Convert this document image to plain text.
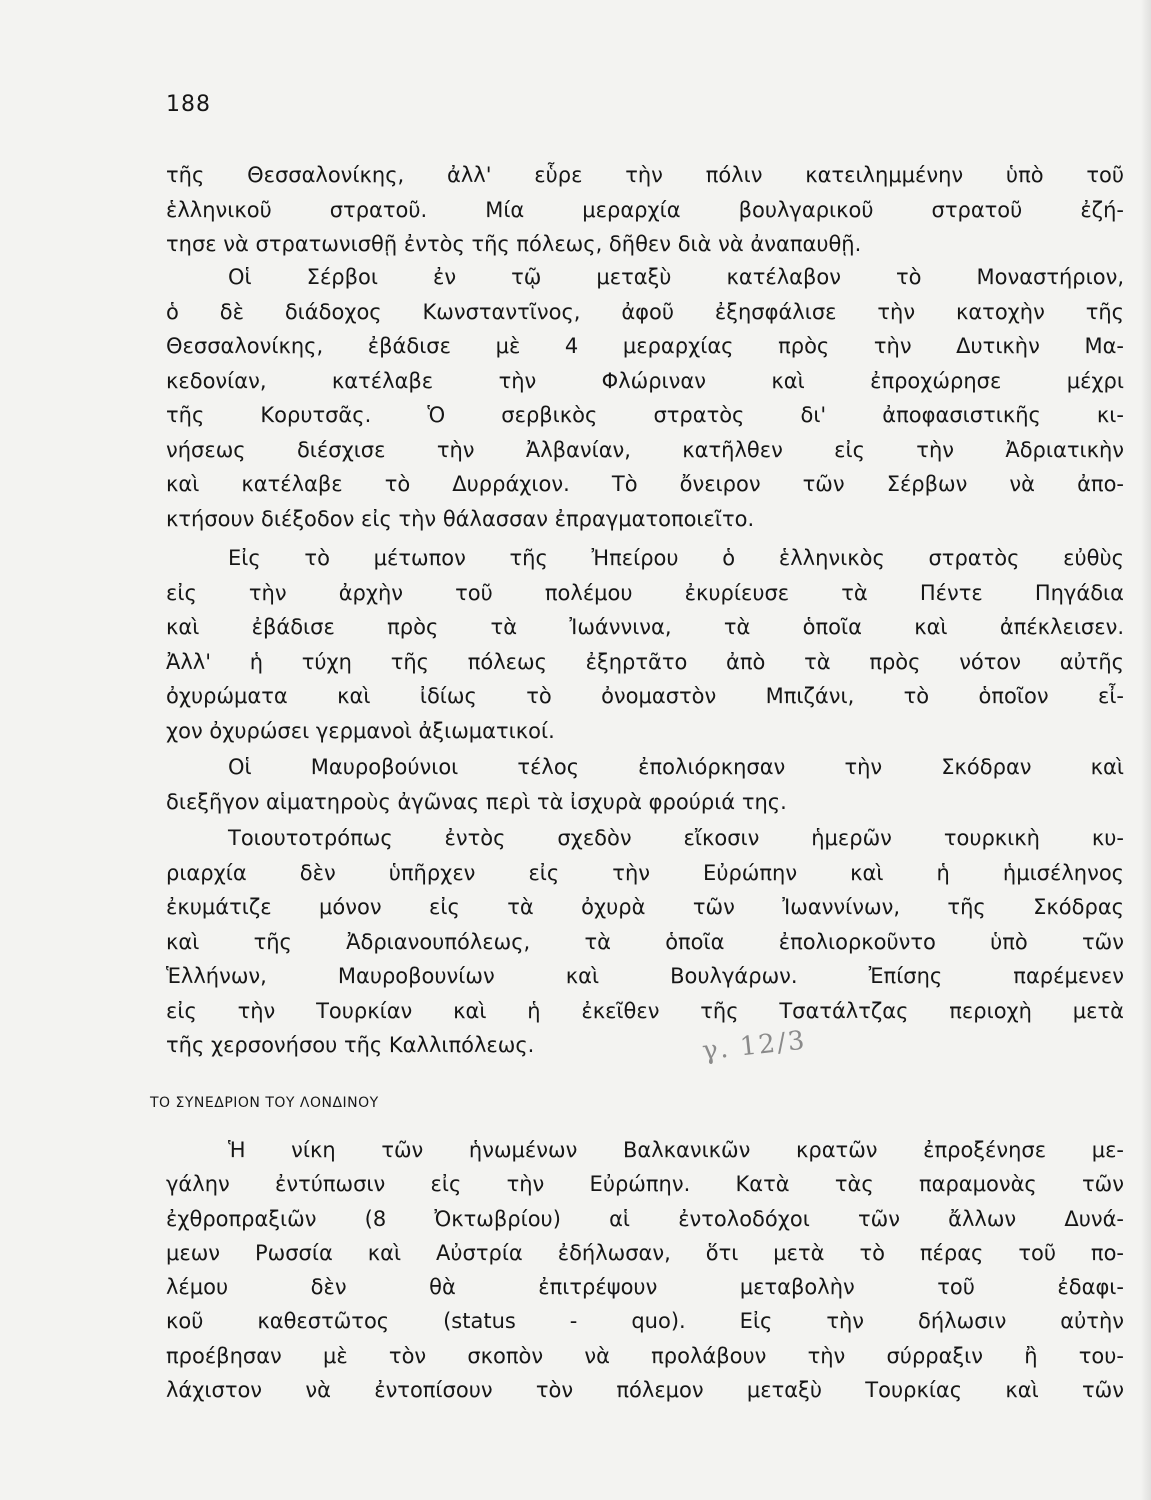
188
τῆς Θεσσαλονίκης, ἀλλ' εὗρε τὴν πόλιν κατειλημμένην ὑπὸ τοῦ
ἑλληνικοῦ στρατοῦ. Μία μεραρχία βουλγαρικοῦ στρατοῦ ἐζή-
τησε νὰ στρατωνισθῇ ἐντὸς τῆς πόλεως, δῆθεν διὰ νὰ ἀναπαυθῇ.
Οἱ Σέρβοι ἐν τῷ μεταξὺ κατέλαβον τὸ Μοναστήριον,
ὁ δὲ διάδοχος Κωνσταντῖνος, ἀφοῦ ἐξησφάλισε τὴν κατοχὴν τῆς
Θεσσαλονίκης, ἐβάδισε μὲ 4 μεραρχίας πρὸς τὴν Δυτικὴν Μα-
κεδονίαν, κατέλαβε τὴν Φλώριναν καὶ ἐπροχώρησε μέχρι
τῆς Κορυτσᾶς. Ὁ σερβικὸς στρατὸς δι' ἀποφασιστικῆς κι-
νήσεως διέσχισε τὴν Ἀλβανίαν, κατῆλθεν εἰς τὴν Ἀδριατικὴν
καὶ κατέλαβε τὸ Δυρράχιον. Τὸ ὄνειρον τῶν Σέρβων νὰ ἀπο-
κτήσουν διέξοδον εἰς τὴν θάλασσαν ἐπραγματοποιεῖτο.
Εἰς τὸ μέτωπον τῆς Ἠπείρου ὁ ἑλληνικὸς στρατὸς εὐθὺς
εἰς τὴν ἀρχὴν τοῦ πολέμου ἐκυρίευσε τὰ Πέντε Πηγάδια
καὶ ἐβάδισε πρὸς τὰ Ἰωάννινα, τὰ ὁποῖα καὶ ἀπέκλεισεν.
Ἀλλ' ἡ τύχη τῆς πόλεως ἐξηρτᾶτο ἀπὸ τὰ πρὸς νότον αὐτῆς
ὀχυρώματα καὶ ἰδίως τὸ ὀνομαστὸν Μπιζάνι, τὸ ὁποῖον εἶ-
χον ὀχυρώσει γερμανοὶ ἀξιωματικοί.
Οἱ Μαυροβούνιοι τέλος ἐπολιόρκησαν τὴν Σκόδραν καὶ
διεξῆγον αἱματηροὺς ἀγῶνας περὶ τὰ ἰσχυρὰ φρούριά της.
Τοιουτοτρόπως ἐντὸς σχεδὸν εἴκοσιν ἡμερῶν τουρκικὴ κυ-
ριαρχία δὲν ὑπῆρχεν εἰς τὴν Εὐρώπην καὶ ἡ ἡμισέληνος
ἐκυμάτιζε μόνον εἰς τὰ ὀχυρὰ τῶν Ἰωαννίνων, τῆς Σκόδρας
καὶ τῆς Ἀδριανουπόλεως, τὰ ὁποῖα ἐπολιορκοῦντο ὑπὸ τῶν
Ἑλλήνων, Μαυροβουνίων καὶ Βουλγάρων. Ἐπίσης παρέμενεν
εἰς τὴν Τουρκίαν καὶ ἡ ἐκεῖθεν τῆς Τσατάλτζας περιοχὴ μετὰ
τῆς χερσονήσου τῆς Καλλιπόλεως.	γ. 12/3
ΤΟ ΣΥΝΕΔΡΙΟΝ ΤΟΥ ΛΟΝΔΙΝΟΥ
Ἡ νίκη τῶν ἡνωμένων Βαλκανικῶν κρατῶν ἐπροξένησε με-
γάλην ἐντύπωσιν εἰς τὴν Εὐρώπην. Κατὰ τὰς παραμονὰς τῶν
ἐχθροπραξιῶν (8 Ὀκτωβρίου) αἱ ἐντολοδόχοι τῶν ἄλλων Δυνά-
μεων Ρωσσία καὶ Αὐστρία ἐδήλωσαν, ὅτι μετὰ τὸ πέρας τοῦ πο-
λέμου δὲν θὰ ἐπιτρέψουν μεταβολὴν τοῦ ἐδαφι-
κοῦ καθεστῶτος (status - quo). Εἰς τὴν δήλωσιν αὐτὴν
προέβησαν μὲ τὸν σκοπὸν νὰ προλάβουν τὴν σύρραξιν ἢ του-
λάχιστον νὰ ἐντοπίσουν τὸν πόλεμον μεταξὺ Τουρκίας καὶ τῶν
